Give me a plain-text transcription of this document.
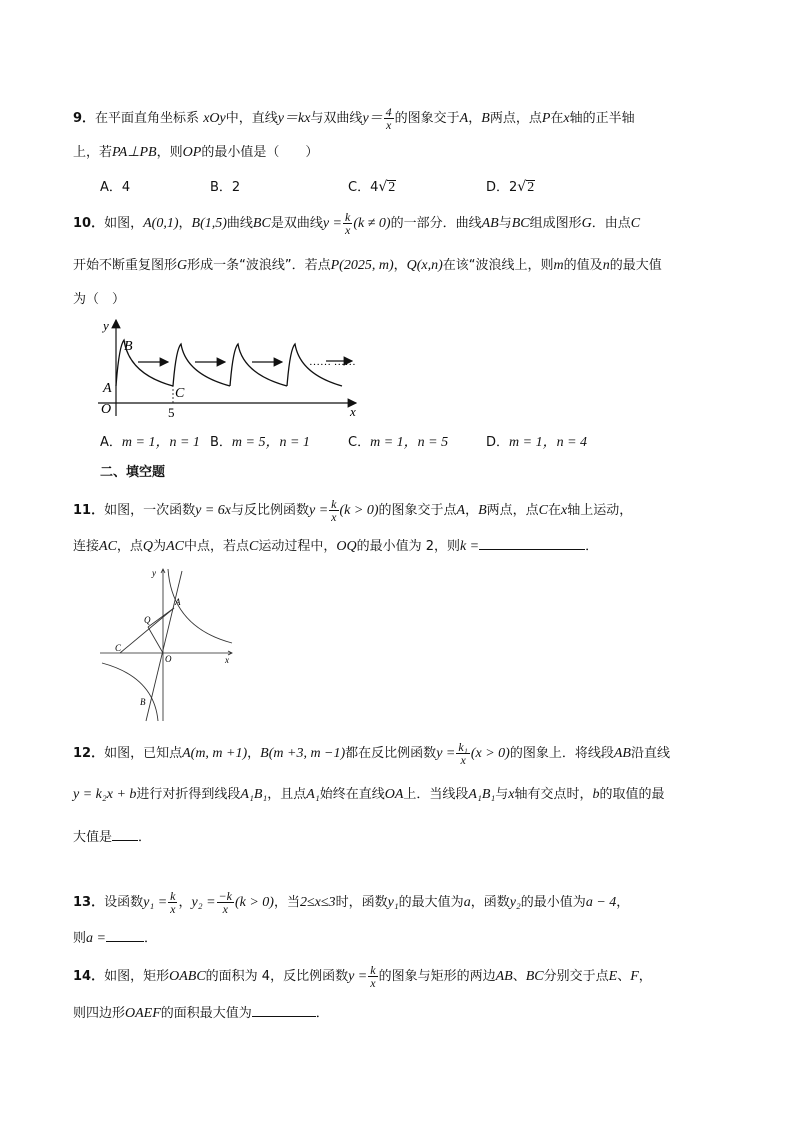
9．在平面直角坐标系 xOy中，直线y＝kx与双曲线$y= \frac{4}{x}$ 的图象交于A，B两点，点P在x轴的正半轴
上，若PA⊥PB，则OP的最小值是（　　）
A．4	B．2	C．4√2	D．2√2
10．如图，A(0,1)，B(1,5)曲线BC是双曲线$y = \frac{k}{x} (k \ne 0)$的一部分．曲线AB与BC组成图形G．由点C
开始不断重复图形G形成一条“波浪线”．若点P(2025, m)，Q(x,n)在该“波浪线上，则m的值及n的最大值
为（　）
y
x
B
A
O
C
5
…… ……
A．m = 1，n = 1 B．m = 5，n = 1	C．m = 1，n = 5	D．m = 1，n = 4
二、填空题
11．如图，一次函数y = 6x与反比例函数$y = \frac{k}{x} (k > 0)$的图象交于点A，B两点，点C在x轴上运动，
连接AC，点Q为AC中点，若点C运动过程中，OQ的最小值为 2，则k =	．
y
x
O
A
Q
C
B
12．如图，已知点A(m, m +1)，B(m +3, m −1)都在反比例函数$y = \frac{\text{k₁}}{x} (x > 0)$的图象上．将线段AB沿直线
y = k₂x + b进行对折得到线段A₁B₁，且点A₁始终在直线OA上．当线段A₁B₁与x轴有交点时，b的取值的最
大值是 ．
13．设函数$y_1 = \frac{k}{x}$ ，$y_2 = \frac{-k}{x} (k > 0)$，当2≤x≤3时，函数y₁的最大值为a，函数y₂的最小值为a − 4，
则a =	．
14．如图，矩形OABC的面积为 4，反比例函数$y = \frac{k}{x}$ 的图象与矩形的两边AB、BC分别交于点E、F，
则四边形OAEF的面积最大值为	．
